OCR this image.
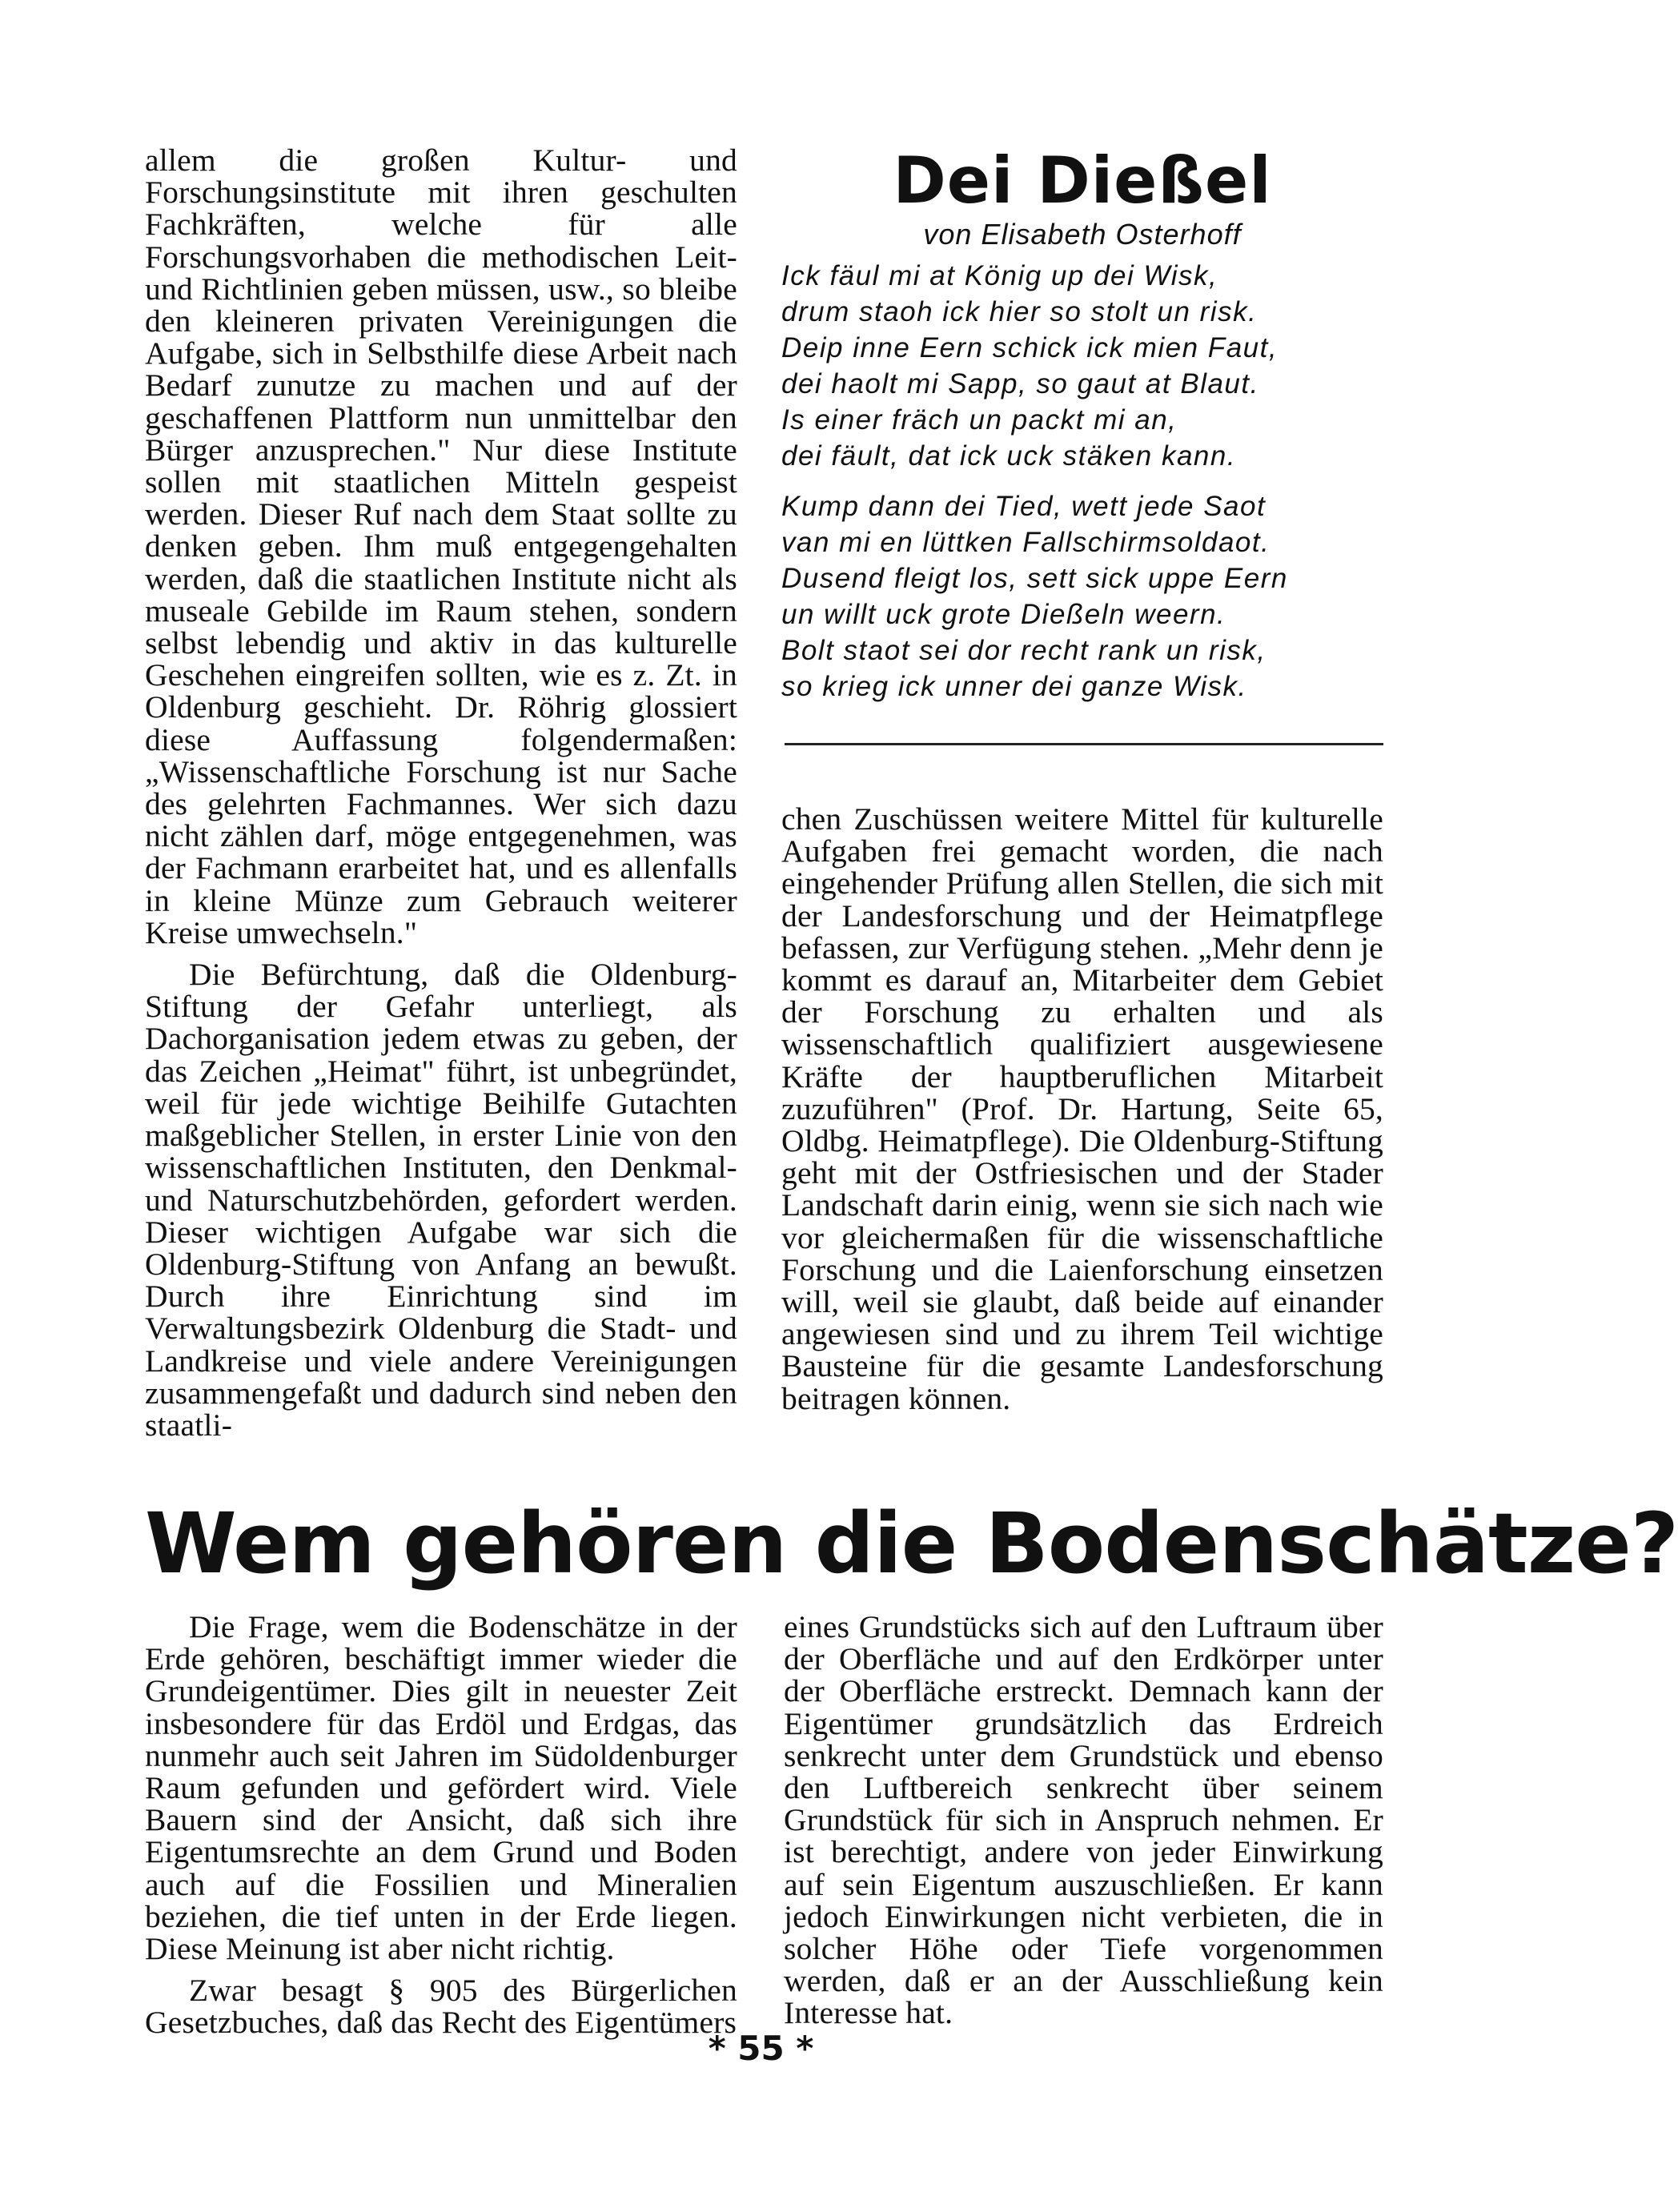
allem die großen Kultur- und Forschungsinstitute mit ihren geschulten Fachkräften, welche für alle Forschungsvorhaben die methodischen Leit- und Richtlinien geben müssen, usw., so bleibe den kleineren privaten Vereinigungen die Aufgabe, sich in Selbsthilfe diese Arbeit nach Bedarf zunutze zu machen und auf der geschaffenen Plattform nun unmittelbar den Bürger anzusprechen." Nur diese Institute sollen mit staatlichen Mitteln gespeist werden. Dieser Ruf nach dem Staat sollte zu denken geben. Ihm muß entgegengehalten werden, daß die staatlichen Institute nicht als museale Gebilde im Raum stehen, sondern selbst lebendig und aktiv in das kulturelle Geschehen eingreifen sollten, wie es z. Zt. in Oldenburg geschieht. Dr. Röhrig glossiert diese Auffassung folgendermaßen: „Wissenschaftliche Forschung ist nur Sache des gelehrten Fachmannes. Wer sich dazu nicht zählen darf, möge entgegenehmen, was der Fachmann erarbeitet hat, und es allenfalls in kleine Münze zum Gebrauch weiterer Kreise umwechseln."

Die Befürchtung, daß die Oldenburg-Stiftung der Gefahr unterliegt, als Dachorganisation jedem etwas zu geben, der das Zeichen „Heimat" führt, ist unbegründet, weil für jede wichtige Beihilfe Gutachten maßgeblicher Stellen, in erster Linie von den wissenschaftlichen Instituten, den Denkmal- und Naturschutzbehörden, gefordert werden. Dieser wichtigen Aufgabe war sich die Oldenburg-Stiftung von Anfang an bewußt. Durch ihre Einrichtung sind im Verwaltungsbezirk Oldenburg die Stadt- und Landkreise und viele andere Vereinigungen zusammengefaßt und dadurch sind neben den staatli-

Dei Dießel
von Elisabeth Osterhoff
Ick fäul mi at König up dei Wisk,
drum staoh ick hier so stolt un risk.
Deip inne Eern schick ick mien Faut,
dei haolt mi Sapp, so gaut at Blaut.
Is einer fräch un packt mi an,
dei fäult, dat ick uck stäken kann.
Kump dann dei Tied, wett jede Saot
van mi en lüttken Fallschirmsoldaot.
Dusend fleigt los, sett sick uppe Eern
un willt uck grote Dießeln weern.
Bolt staot sei dor recht rank un risk,
so krieg ick unner dei ganze Wisk.

chen Zuschüssen weitere Mittel für kulturelle Aufgaben frei gemacht worden, die nach eingehender Prüfung allen Stellen, die sich mit der Landesforschung und der Heimatpflege befassen, zur Verfügung stehen. „Mehr denn je kommt es darauf an, Mitarbeiter dem Gebiet der Forschung zu erhalten und als wissenschaftlich qualifiziert ausgewiesene Kräfte der hauptberuflichen Mitarbeit zuzuführen" (Prof. Dr. Hartung, Seite 65, Oldbg. Heimatpflege). Die Oldenburg-Stiftung geht mit der Ostfriesischen und der Stader Landschaft darin einig, wenn sie sich nach wie vor gleichermaßen für die wissenschaftliche Forschung und die Laienforschung einsetzen will, weil sie glaubt, daß beide auf einander angewiesen sind und zu ihrem Teil wichtige Bausteine für die gesamte Landesforschung beitragen können.

Wem gehören die Bodenschätze?

Die Frage, wem die Bodenschätze in der Erde gehören, beschäftigt immer wieder die Grundeigentümer. Dies gilt in neuester Zeit insbesondere für das Erdöl und Erdgas, das nunmehr auch seit Jahren im Südoldenburger Raum gefunden und gefördert wird. Viele Bauern sind der Ansicht, daß sich ihre Eigentumsrechte an dem Grund und Boden auch auf die Fossilien und Mineralien beziehen, die tief unten in der Erde liegen. Diese Meinung ist aber nicht richtig.

Zwar besagt § 905 des Bürgerlichen Gesetzbuches, daß das Recht des Eigentümers

eines Grundstücks sich auf den Luftraum über der Oberfläche und auf den Erdkörper unter der Oberfläche erstreckt. Demnach kann der Eigentümer grundsätzlich das Erdreich senkrecht unter dem Grundstück und ebenso den Luftbereich senkrecht über seinem Grundstück für sich in Anspruch nehmen. Er ist berechtigt, andere von jeder Einwirkung auf sein Eigentum auszuschließen. Er kann jedoch Einwirkungen nicht verbieten, die in solcher Höhe oder Tiefe vorgenommen werden, daß er an der Ausschließung kein Interesse hat.

* 55 *
